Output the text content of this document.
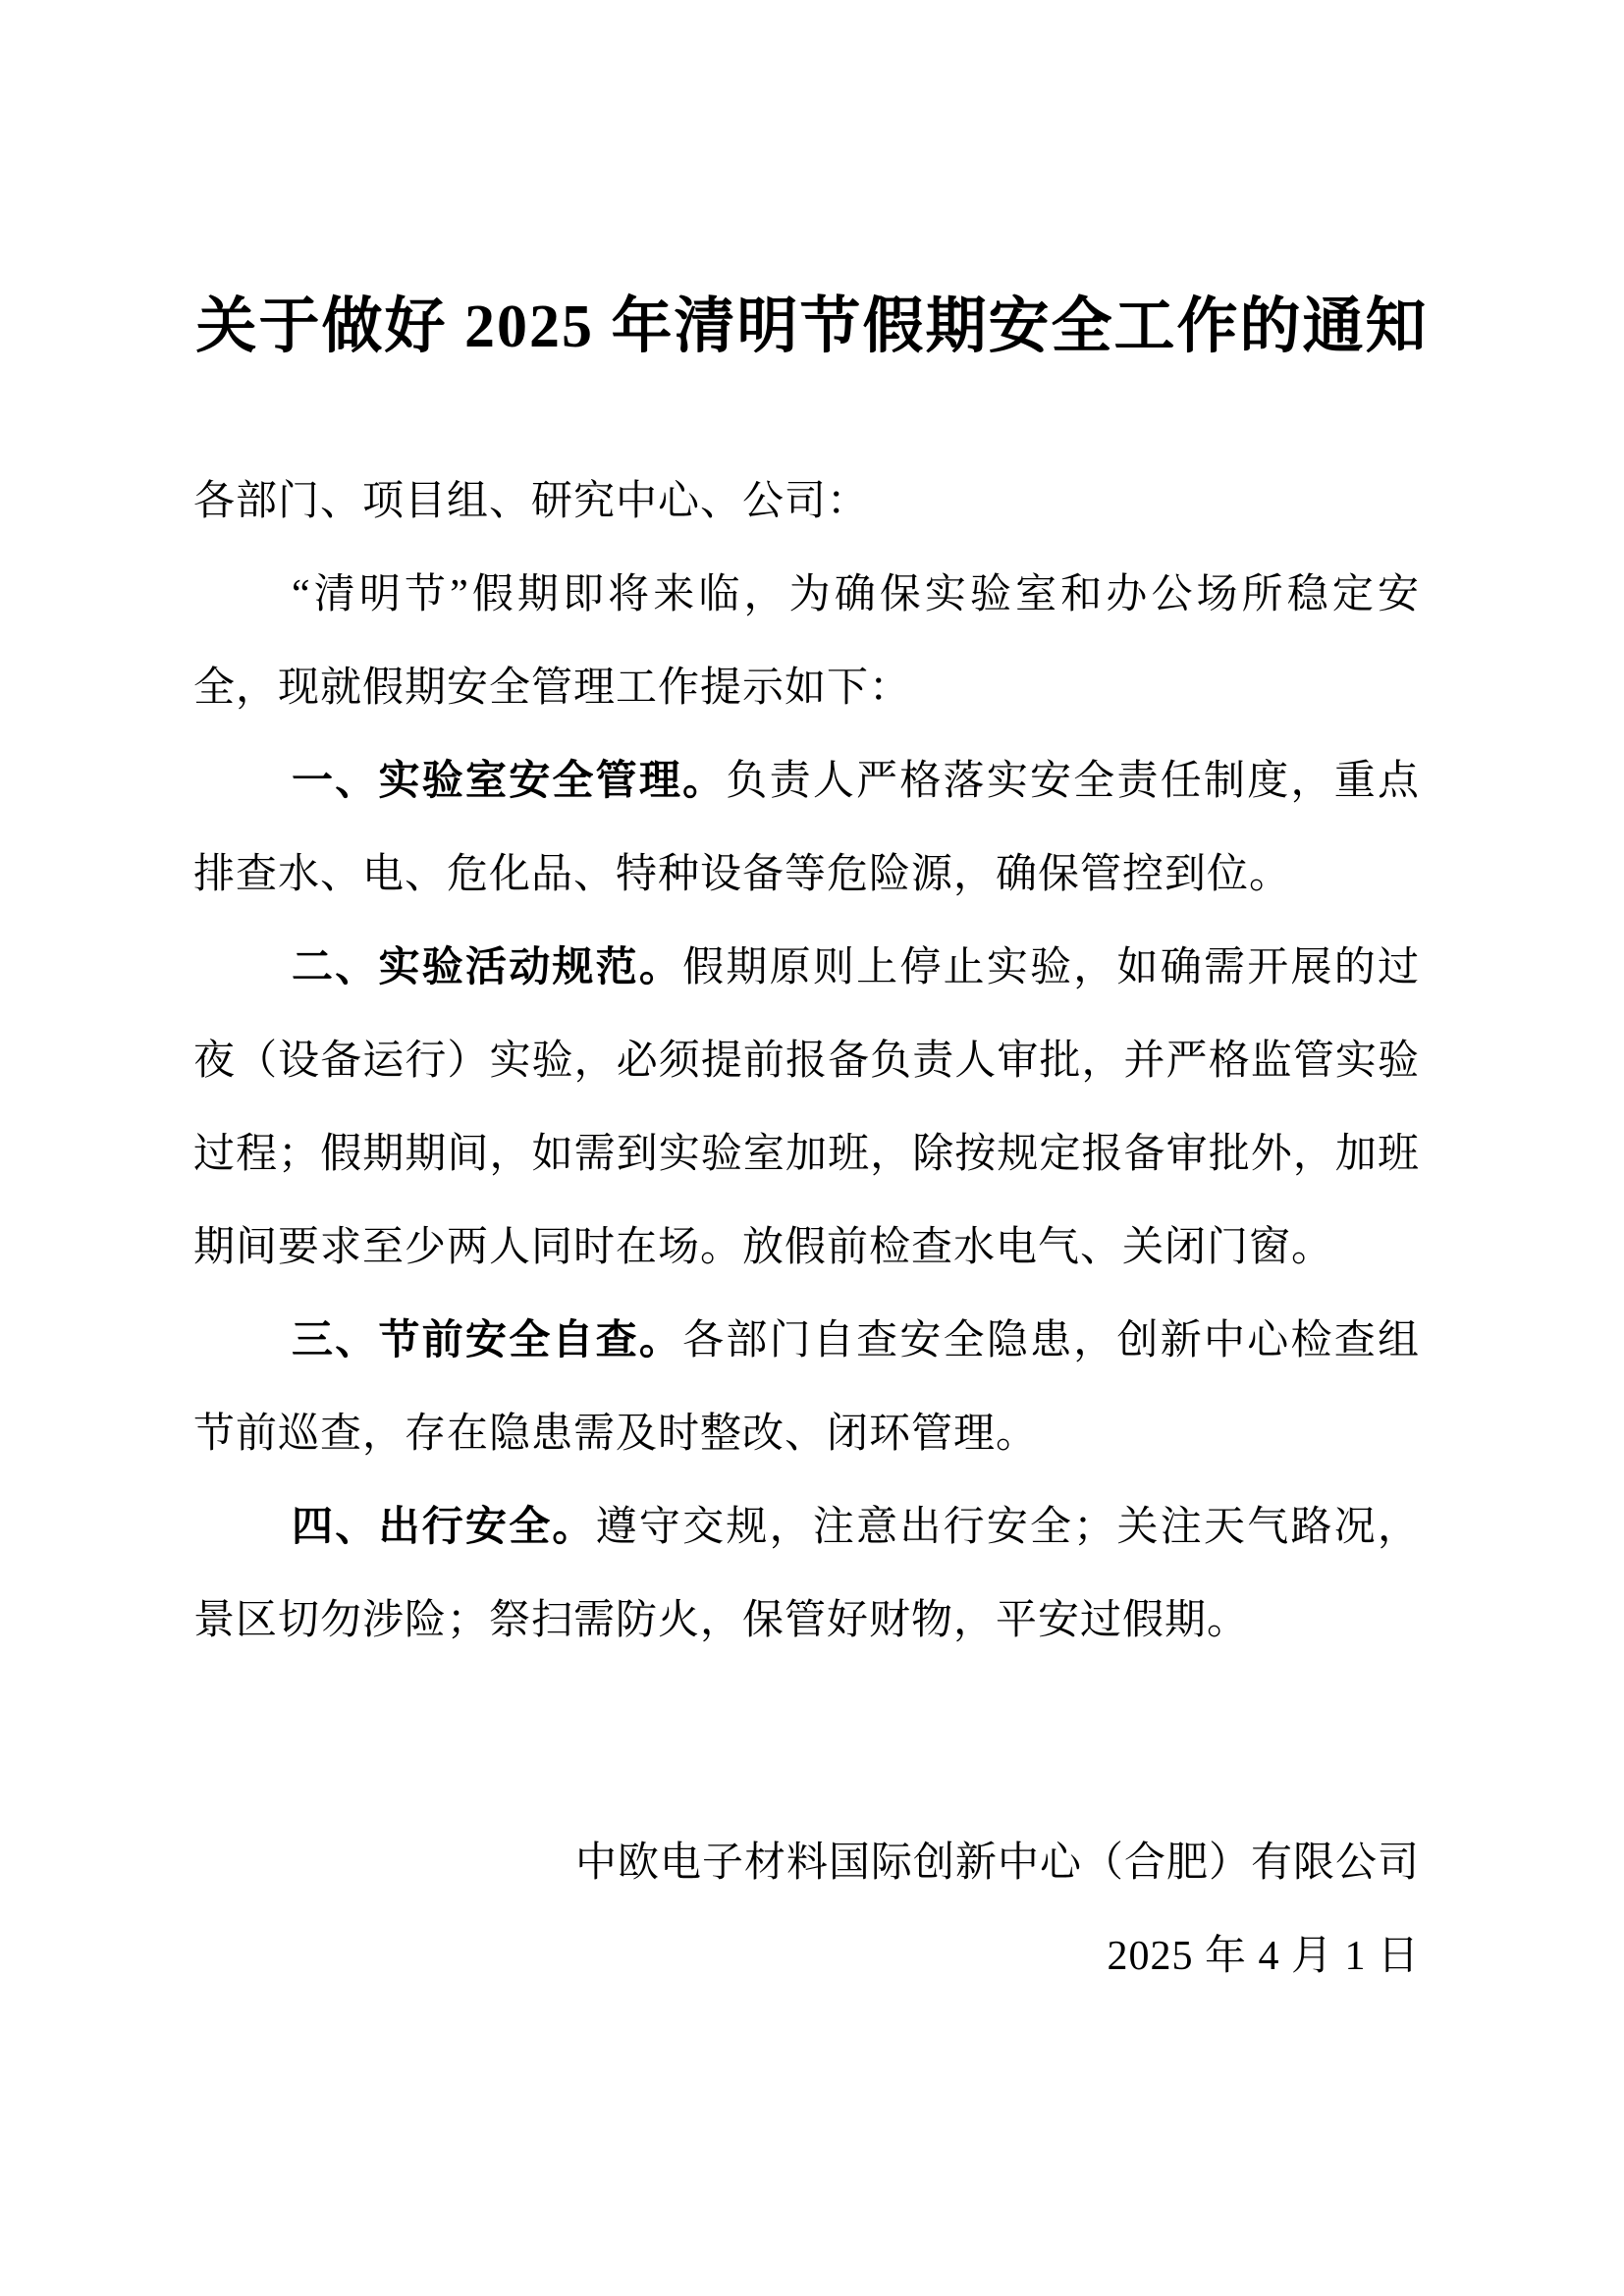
关于做好 2025 年清明节假期安全工作的通知

各部门、项目组、研究中心、公司：

“清明节”假期即将来临，为确保实验室和办公场所稳定安全，现就假期安全管理工作提示如下：

一、实验室安全管理。负责人严格落实安全责任制度，重点排查水、电、危化品、特种设备等危险源，确保管控到位。

二、实验活动规范。假期原则上停止实验，如确需开展的过夜（设备运行）实验，必须提前报备负责人审批，并严格监管实验过程；假期期间，如需到实验室加班，除按规定报备审批外，加班期间要求至少两人同时在场。放假前检查水电气、关闭门窗。

三、节前安全自查。各部门自查安全隐患，创新中心检查组节前巡查，存在隐患需及时整改、闭环管理。

四、出行安全。遵守交规，注意出行安全；关注天气路况，景区切勿涉险；祭扫需防火，保管好财物，平安过假期。

中欧电子材料国际创新中心（合肥）有限公司

2025 年 4 月 1 日
